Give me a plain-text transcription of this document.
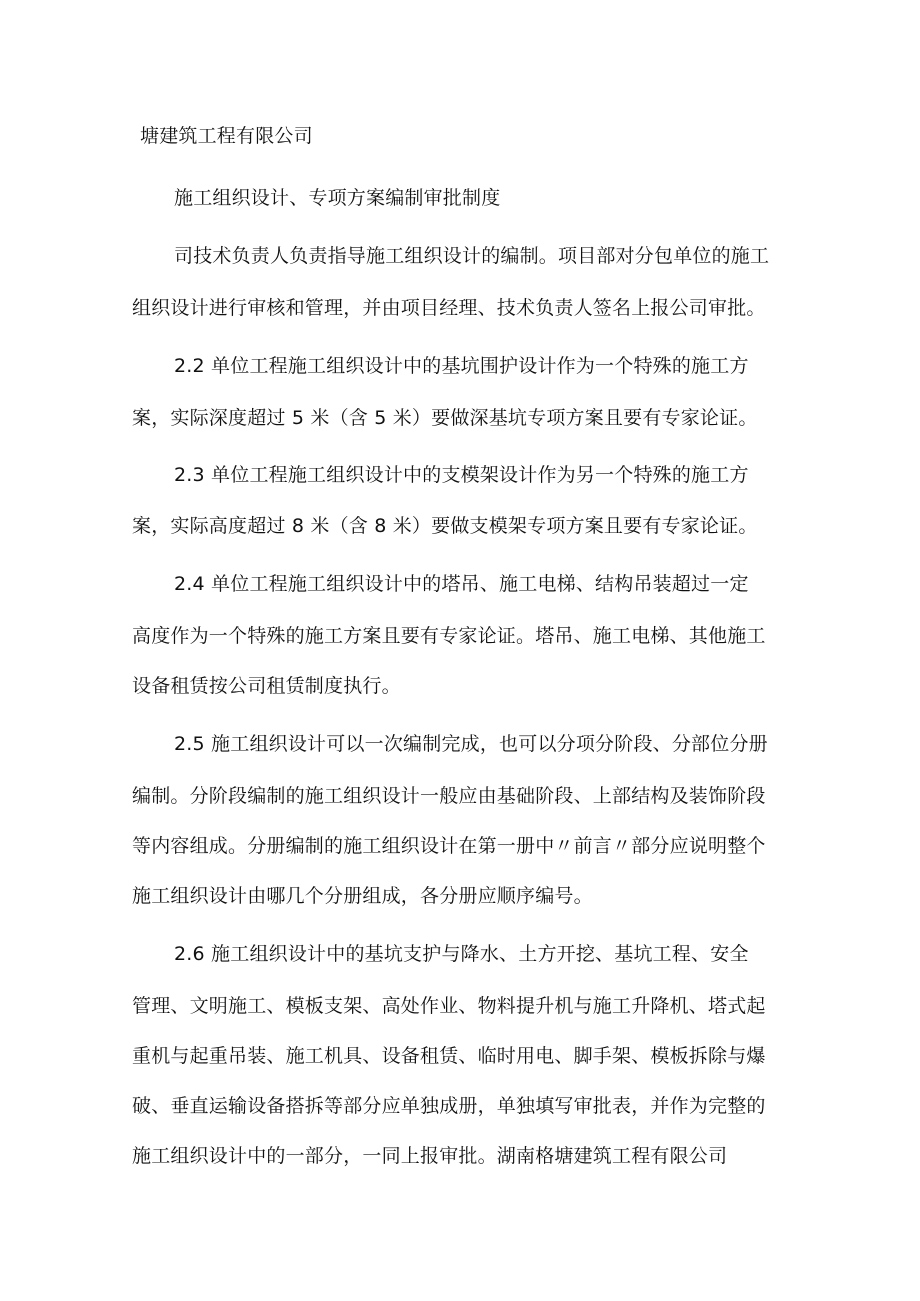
塘建筑工程有限公司
施工组织设计、专项方案编制审批制度
司技术负责人负责指导施工组织设计的编制。项目部对分包单位的施工
组织设计进行审核和管理，并由项目经理、技术负责人签名上报公司审批。
2.2 单位工程施工组织设计中的基坑围护设计作为一个特殊的施工方
案，实际深度超过 5 米（含 5 米）要做深基坑专项方案且要有专家论证。
2.3 单位工程施工组织设计中的支模架设计作为另一个特殊的施工方
案，实际高度超过 8 米（含 8 米）要做支模架专项方案且要有专家论证。
2.4 单位工程施工组织设计中的塔吊、施工电梯、结构吊装超过一定
高度作为一个特殊的施工方案且要有专家论证。塔吊、施工电梯、其他施工
设备租赁按公司租赁制度执行。
2.5 施工组织设计可以一次编制完成，也可以分项分阶段、分部位分册
编制。分阶段编制的施工组织设计一般应由基础阶段、上部结构及装饰阶段
等内容组成。分册编制的施工组织设计在第一册中〃前言〃部分应说明整个
施工组织设计由哪几个分册组成，各分册应顺序编号。
2.6 施工组织设计中的基坑支护与降水、土方开挖、基坑工程、安全
管理、文明施工、模板支架、高处作业、物料提升机与施工升降机、塔式起
重机与起重吊装、施工机具、设备租赁、临时用电、脚手架、模板拆除与爆
破、垂直运输设备搭拆等部分应单独成册，单独填写审批表，并作为完整的
施工组织设计中的一部分，一同上报审批。湖南格塘建筑工程有限公司
